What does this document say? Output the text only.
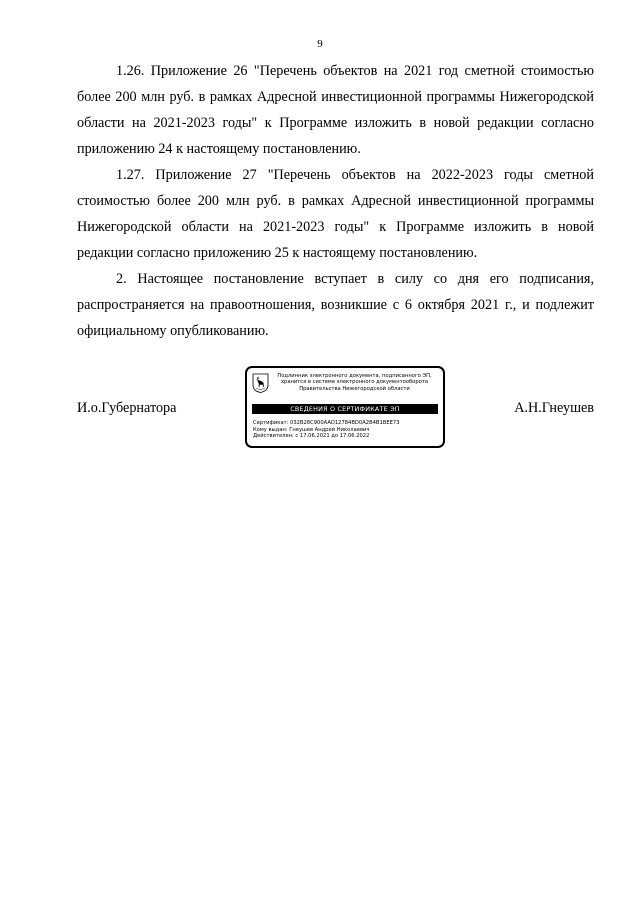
9

1.26. Приложение 26 "Перечень объектов на 2021 год сметной стоимостью более 200 млн руб. в рамках Адресной инвестиционной программы Нижегородской области на 2021-2023 годы" к Программе изложить в новой редакции согласно приложению 24 к настоящему постановлению.

1.27. Приложение 27 "Перечень объектов на 2022-2023 годы сметной стоимостью более 200 млн руб. в рамках Адресной инвестиционной программы Нижегородской области на 2021-2023 годы" к Программе изложить в новой редакции согласно приложению 25 к настоящему постановлению.

2. Настоящее постановление вступает в силу со дня его подписания, распространяется на правоотношения, возникшие с 6 октября 2021 г., и подлежит официальному опубликованию.

И.о.Губернатора
Подлинник электронного документа, подписанного ЭП,
хранится в системе электронного документооборота
Правительства Нижегородской области
СВЕДЕНИЯ О СЕРТИФИКАТЕ ЭП
Сертификат: 032B28C900AAD12784BD0A2B4B1BEE73
Кому выдан: Гнеушев Андрей Николаевич
Действителен: с 17.06.2021 до 17.06.2022
А.Н.Гнеушев
